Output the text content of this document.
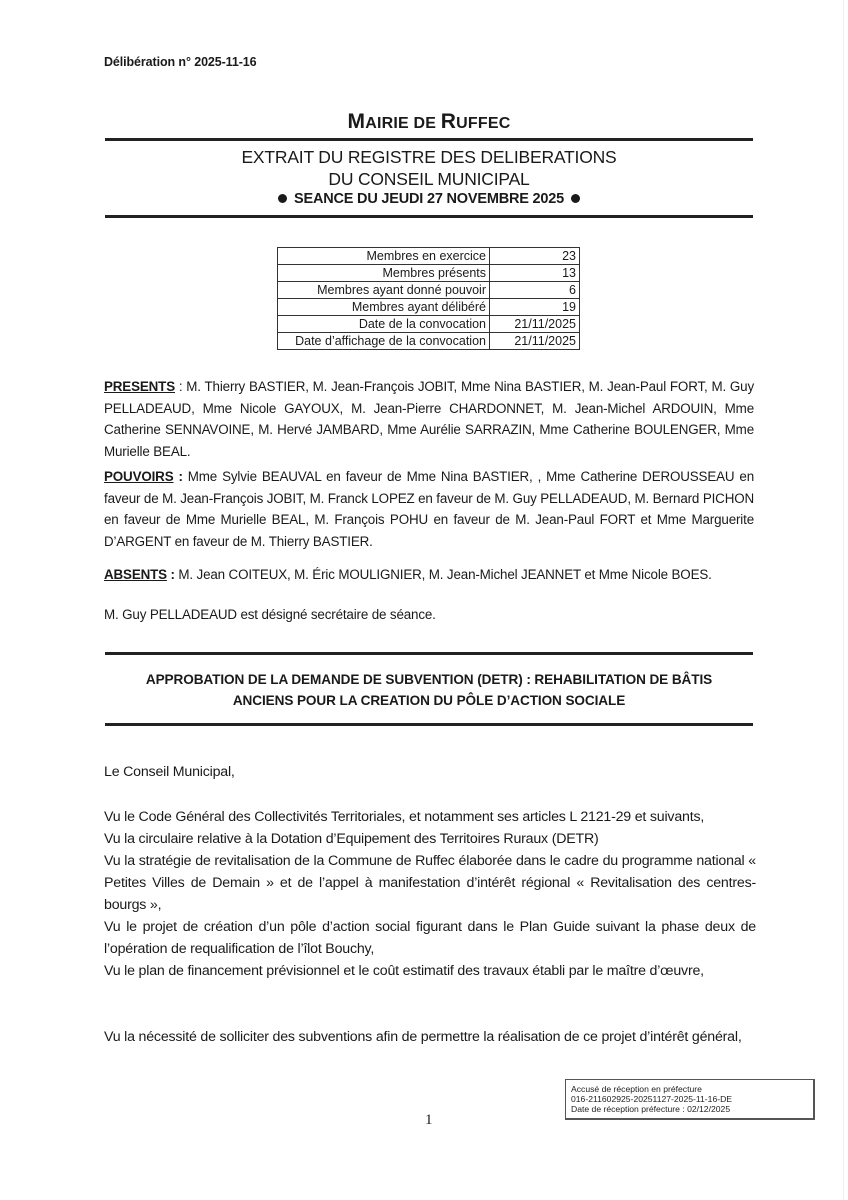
Délibération n° 2025-11-16
MAIRIE DE RUFFEC
EXTRAIT DU REGISTRE DES DELIBERATIONS
DU CONSEIL MUNICIPAL
SEANCE DU JEUDI 27 NOVEMBRE 2025
Membres en exercice	23
Membres présents	13
Membres ayant donné pouvoir	6
Membres ayant délibéré	19
Date de la convocation	21/11/2025
Date d’affichage de la convocation	21/11/2025
PRESENTS : M. Thierry BASTIER, M. Jean-François JOBIT, Mme Nina BASTIER, M. Jean-Paul FORT, M. Guy PELLADEAUD, Mme Nicole GAYOUX, M. Jean-Pierre CHARDONNET, M. Jean-Michel ARDOUIN, Mme Catherine SENNAVOINE, M. Hervé JAMBARD, Mme Aurélie SARRAZIN, Mme Catherine BOULENGER, Mme Murielle BEAL.
POUVOIRS : Mme Sylvie BEAUVAL en faveur de Mme Nina BASTIER, , Mme Catherine DEROUSSEAU en faveur de M. Jean-François JOBIT, M. Franck LOPEZ en faveur de M. Guy PELLADEAUD, M. Bernard PICHON en faveur de Mme Murielle BEAL, M. François POHU en faveur de M. Jean-Paul FORT et Mme Marguerite D’ARGENT en faveur de M. Thierry BASTIER.
ABSENTS : M. Jean COITEUX, M. Éric MOULIGNIER, M. Jean-Michel JEANNET et Mme Nicole BOES.
M. Guy PELLADEAUD est désigné secrétaire de séance.
APPROBATION DE LA DEMANDE DE SUBVENTION (DETR) : REHABILITATION DE BÂTIS
ANCIENS POUR LA CREATION DU PÔLE D’ACTION SOCIALE
Le Conseil Municipal,

Vu le Code Général des Collectivités Territoriales, et notamment ses articles L 2121-29 et suivants,

Vu la circulaire relative à la Dotation d’Equipement des Territoires Ruraux (DETR)

Vu la stratégie de revitalisation de la Commune de Ruffec élaborée dans le cadre du programme national « Petites Villes de Demain » et de l’appel à manifestation d’intérêt régional « Revitalisation des centres-bourgs »,

Vu le projet de création d’un pôle d’action social figurant dans le Plan Guide suivant la phase deux de l’opération de requalification de l’îlot Bouchy,

Vu le plan de financement prévisionnel et le coût estimatif des travaux établi par le maître d’œuvre,

Vu la nécessité de solliciter des subventions afin de permettre la réalisation de ce projet d’intérêt général,
1
Accusé de réception en préfecture
016-211602925-20251127-2025-11-16-DE
Date de réception préfecture : 02/12/2025
